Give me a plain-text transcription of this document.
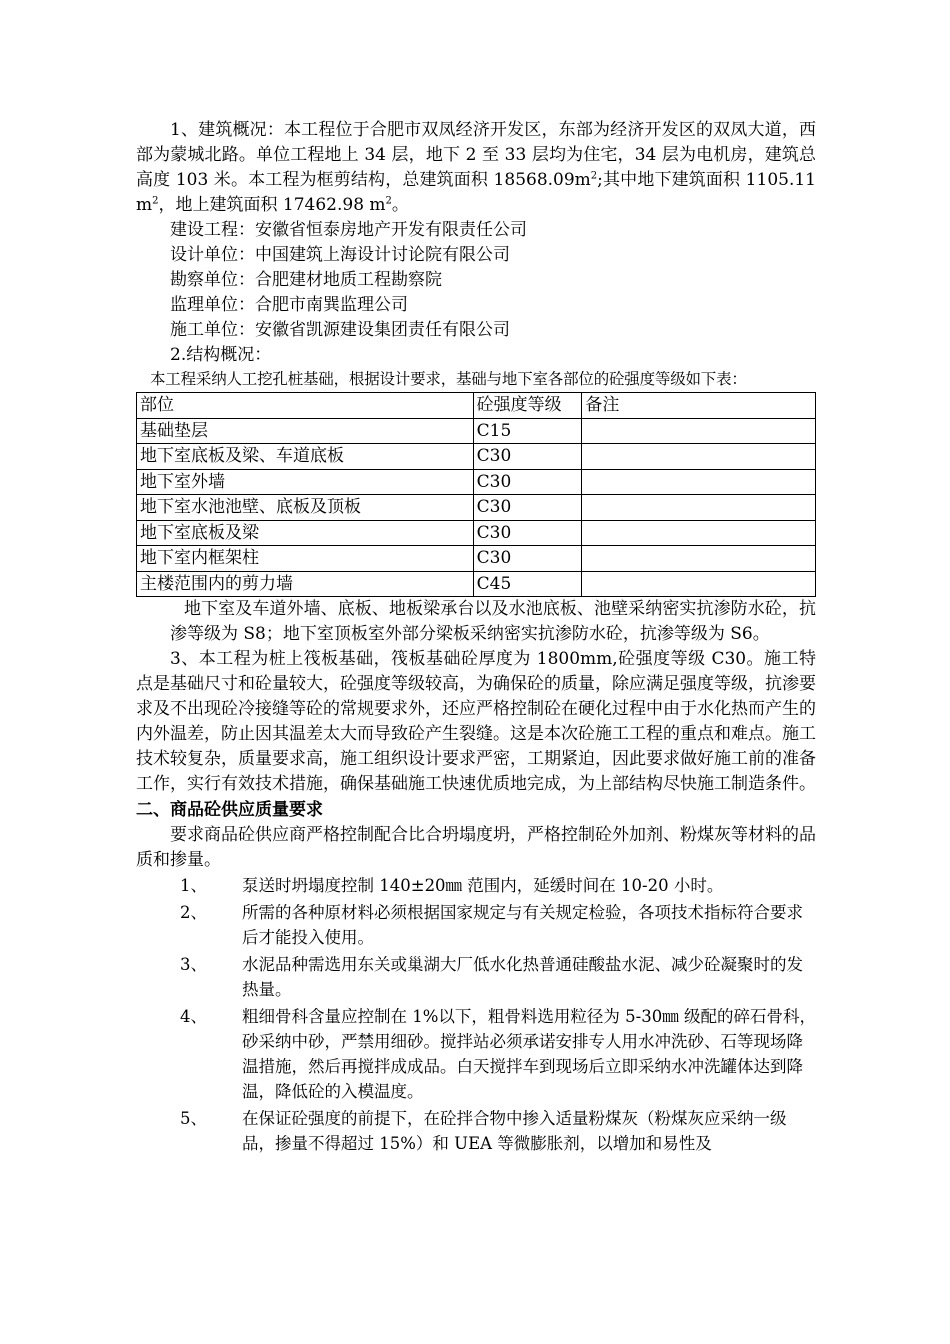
1、建筑概况：本工程位于合肥市双凤经济开发区，东部为经济开发区的双凤大道，西部为蒙城北路。单位工程地上 34 层，地下 2 至 33 层均为住宅，34 层为电机房，建筑总高度 103 米。本工程为框剪结构，总建筑面积 $18568.09m^2$;其中地下建筑面积 1105.11 $m^2$，地上建筑面积 17462.98 $m^2$。

建设工程：安徽省恒泰房地产开发有限责任公司

设计单位：中国建筑上海设计讨论院有限公司

勘察单位：合肥建材地质工程勘察院

监理单位：合肥市南巽监理公司

施工单位：安徽省凯源建设集团责任有限公司

2.结构概况：

本工程采纳人工挖孔桩基础，根据设计要求，基础与地下室各部位的砼强度等级如下表：

部位	砼强度等级	备注
基础垫层	C15	
地下室底板及梁、车道底板	C30	
地下室外墙	C30	
地下室水池池壁、底板及顶板	C30	
地下室底板及梁	C30	
地下室内框架柱	C30	
主楼范围内的剪力墙	C45	

地下室及车道外墙、底板、地板梁承台以及水池底板、池壁采纳密实抗渗防水砼，抗渗等级为 S8；地下室顶板室外部分梁板采纳密实抗渗防水砼，抗渗等级为 S6。

3、本工程为桩上筏板基础，筏板基础砼厚度为 1800mm,砼强度等级 C30。施工特点是基础尺寸和砼量较大，砼强度等级较高，为确保砼的质量，除应满足强度等级，抗渗要求及不出现砼冷接缝等砼的常规要求外，还应严格控制砼在硬化过程中由于水化热而产生的内外温差，防止因其温差太大而导致砼产生裂缝。这是本次砼施工工程的重点和难点。施工技术较复杂，质量要求高，施工组织设计要求严密，工期紧迫，因此要求做好施工前的准备工作，实行有效技术措施，确保基础施工快速优质地完成，为上部结构尽快施工制造条件。

二、商品砼供应质量要求

要求商品砼供应商严格控制配合比合坍塌度坍，严格控制砼外加剂、粉煤灰等材料的品质和掺量。

1、 泵送时坍塌度控制 140±20㎜ 范围内，延缓时间在 10-20 小时。
2、 所需的各种原材料必须根据国家规定与有关规定检验，各项技术指标符合要求后才能投入使用。
3、 水泥品种需选用东关或巢湖大厂低水化热普通硅酸盐水泥、减少砼凝聚时的发热量。
4、 粗细骨科含量应控制在 1%以下，粗骨料选用粒径为 5-30㎜ 级配的碎石骨科，砂采纳中砂，严禁用细砂。搅拌站必须承诺安排专人用水冲洗砂、石等现场降温措施，然后再搅拌成成品。白天搅拌车到现场后立即采纳水冲洗罐体达到降温，降低砼的入模温度。
5、 在保证砼强度的前提下，在砼拌合物中掺入适量粉煤灰（粉煤灰应采纳一级品，掺量不得超过 15%）和 UEA 等微膨胀剂，以增加和易性及
